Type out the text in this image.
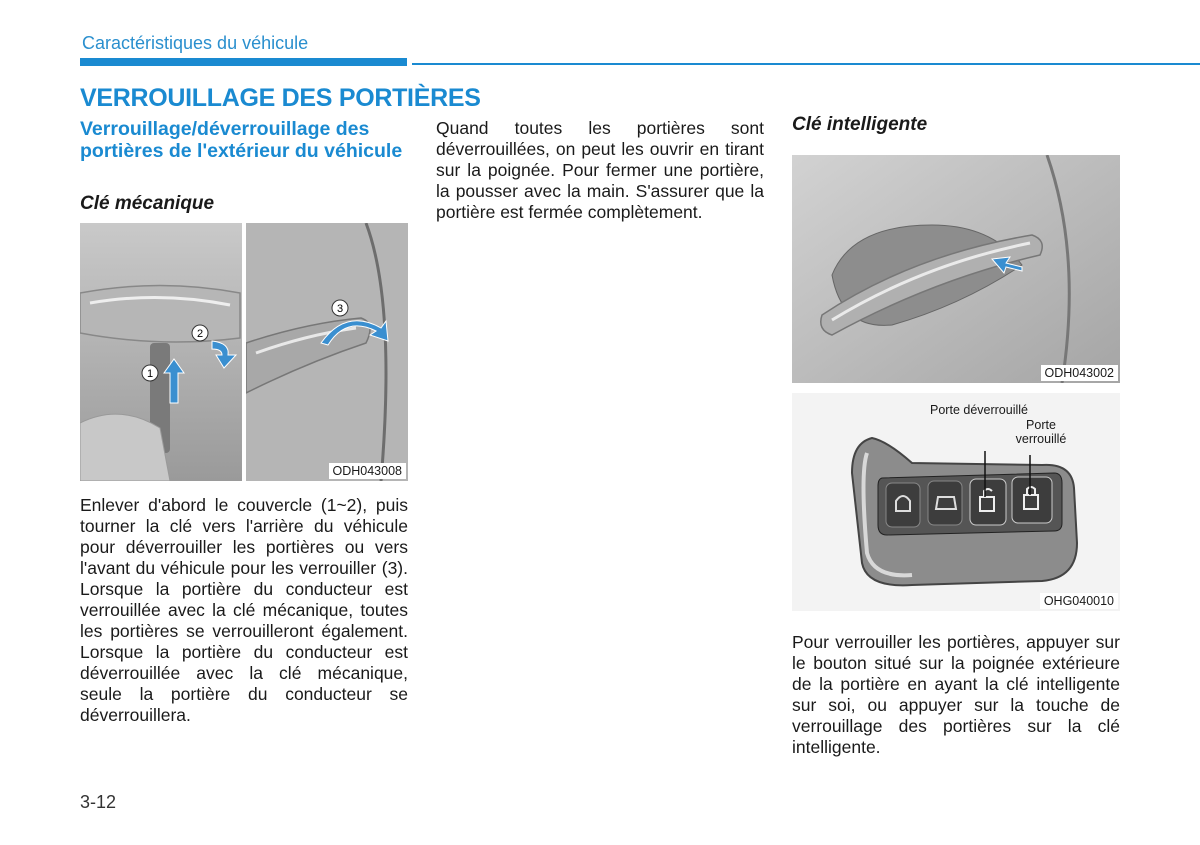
Caractéristiques du véhicule
VERROUILLAGE DES PORTIÈRES
Verrouillage/déverrouillage des portières de l'extérieur du véhicule
Clé mécanique
1
2
3
ODH043008
Enlever d'abord le couvercle (1~2), puis tourner la clé vers l'arrière du véhicule pour déverrouiller les portières ou vers l'avant du véhicule pour les verrouiller (3). Lorsque la portière du conducteur est verrouillée avec la clé mécanique, toutes les portières se verrouilleront également. Lorsque la portière du conducteur est déverrouillée avec la clé mécanique, seule la portière du conducteur se déverrouillera.
Quand toutes les portières sont déverrouillées, on peut les ouvrir en tirant sur la poignée. Pour fermer une portière, la pousser avec la main. S'assurer que la portière est fermée complètement.
Clé intelligente
ODH043002
Porte déverrouillé
Porte verrouillé
OHG040010
Pour verrouiller les portières, appuyer sur le bouton situé sur la poignée extérieure de la portière en ayant la clé intelligente sur soi, ou appuyer sur la touche de verrouillage des portières sur la clé intelligente.
3-12
